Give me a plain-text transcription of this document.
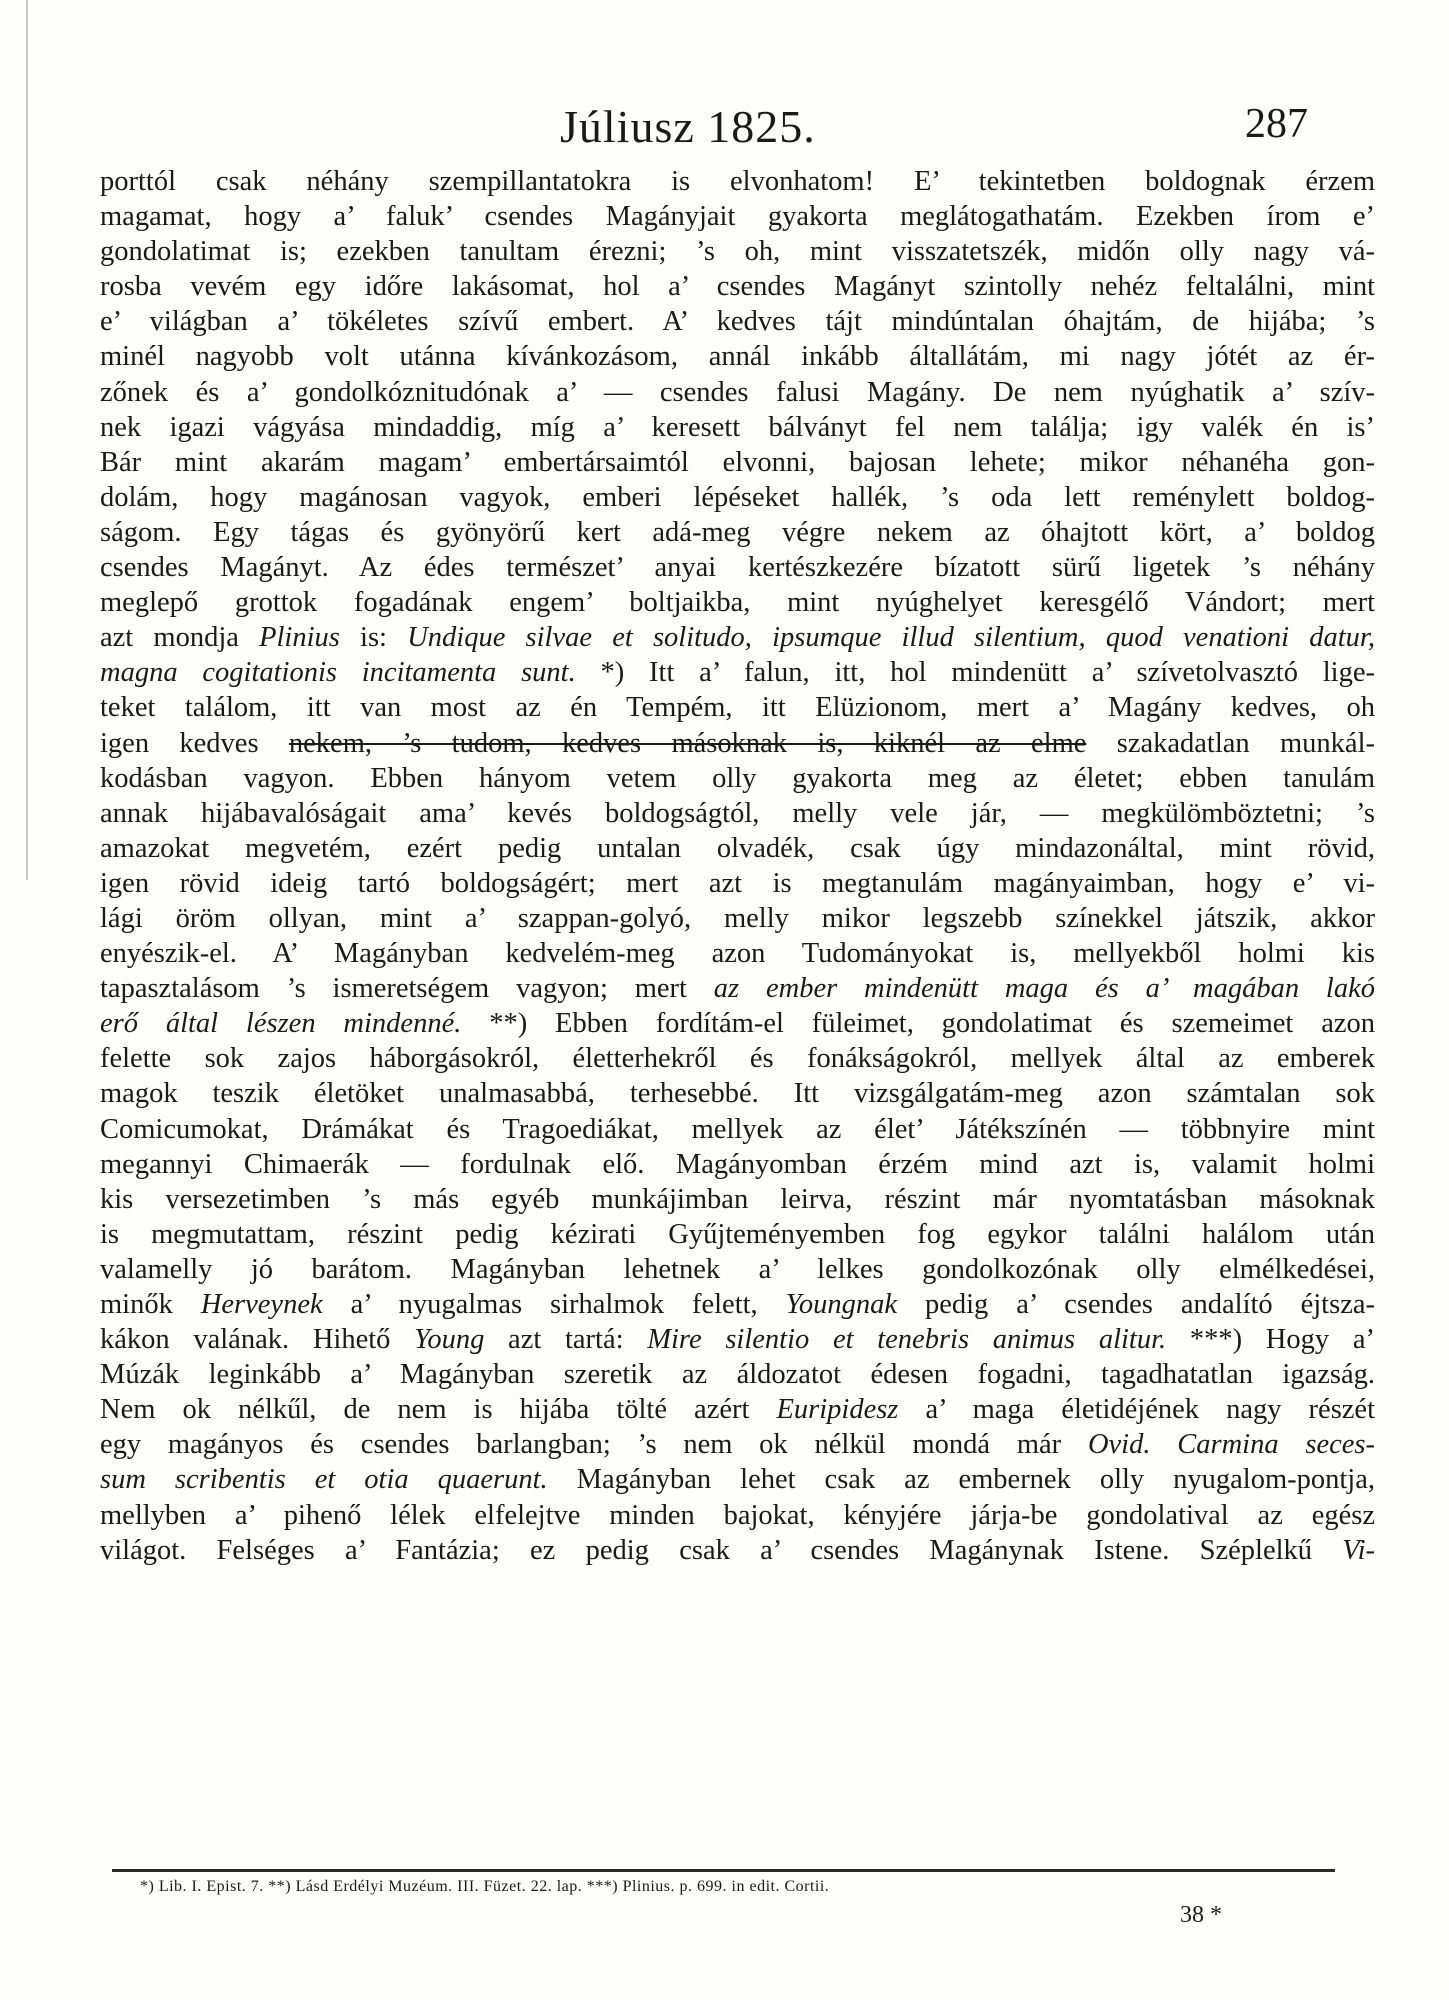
Júliusz 1825.	287
porttól csak néhány szempillantatokra is elvonhatom! E’ tekintetben boldognak érzem
magamat, hogy a’ faluk’ csendes Magányjait gyakorta meglátogathatám. Ezekben írom e’
gondolatimat is; ezekben tanultam érezni; ’s oh, mint visszatetszék, midőn olly nagy vá-
rosba vevém egy időre lakásomat, hol a’ csendes Magányt szintolly nehéz feltalálni, mint
e’ világban a’ tökéletes szívű embert. A’ kedves tájt mindúntalan óhajtám, de hijába; ’s
minél nagyobb volt utánna kívánkozásom, annál inkább általlátám, mi nagy jótét az ér-
zőnek és a’ gondolkóznitudónak a’ — csendes falusi Magány. De nem nyúghatik a’ szív-
nek igazi vágyása mindaddig, míg a’ keresett bálványt fel nem találja; igy valék én is’
Bár mint akarám magam’ embertársaimtól elvonni, bajosan lehete; mikor néhanéha gon-
dolám, hogy magánosan vagyok, emberi lépéseket hallék, ’s oda lett reménylett boldog-
ságom. Egy tágas és gyönyörű kert adá-meg végre nekem az óhajtott kört, a’ boldog
csendes Magányt. Az édes természet’ anyai kertészkezére bízatott sürű ligetek ’s néhány
meglepő grottok fogadának engem’ boltjaikba, mint nyúghelyet keresgélő Vándort; mert
azt mondja Plinius is: Undique silvae et solitudo, ipsumque illud silentium, quod venationi datur,
magna cogitationis incitamenta sunt. *) Itt a’ falun, itt, hol mindenütt a’ szívetolvasztó lige-
teket találom, itt van most az én Tempém, itt Elüzionom, mert a’ Magány kedves, oh
igen kedves nekem, ’s tudom, kedves másoknak is, kiknél az elme szakadatlan munkál-
kodásban vagyon. Ebben hányom vetem olly gyakorta meg az életet; ebben tanulám
annak hijábavalóságait ama’ kevés boldogságtól, melly vele jár, — megkülömböztetni; ’s
amazokat megvetém, ezért pedig untalan olvadék, csak úgy mindazonáltal, mint rövid,
igen rövid ideig tartó boldogságért; mert azt is megtanulám magányaimban, hogy e’ vi-
lági öröm ollyan, mint a’ szappan-golyó, melly mikor legszebb színekkel játszik, akkor
enyészik-el. A’ Magányban kedvelém-meg azon Tudományokat is, mellyekből holmi kis
tapasztalásom ’s ismeretségem vagyon; mert az ember mindenütt maga és a’ magában lakó
erő által lészen mindenné. **) Ebben fordítám-el füleimet, gondolatimat és szemeimet azon
felette sok zajos háborgásokról, életterhekről és fonákságokról, mellyek által az emberek
magok teszik életöket unalmasabbá, terhesebbé. Itt vizsgálgatám-meg azon számtalan sok
Comicumokat, Drámákat és Tragoediákat, mellyek az élet’ Játékszínén — többnyire mint
megannyi Chimaerák — fordulnak elő. Magányomban érzém mind azt is, valamit holmi
kis versezetimben ’s más egyéb munkájimban leirva, részint már nyomtatásban másoknak
is megmutattam, részint pedig kézirati Gyűjteményemben fog egykor találni halálom után
valamelly jó barátom. Magányban lehetnek a’ lelkes gondolkozónak olly elmélkedései,
minők Herveynek a’ nyugalmas sirhalmok felett, Youngnak pedig a’ csendes andalító éjtsza-
kákon valának. Hihető Young azt tartá: Mire silentio et tenebris animus alitur. ***) Hogy a’
Múzák leginkább a’ Magányban szeretik az áldozatot édesen fogadni, tagadhatatlan igazság.
Nem ok nélkűl, de nem is hijába tölté azért Euripidesz a’ maga életidéjének nagy részét
egy magányos és csendes barlangban; ’s nem ok nélkül mondá már Ovid. Carmina seces-
sum scribentis et otia quaerunt. Magányban lehet csak az embernek olly nyugalom-pontja,
mellyben a’ pihenő lélek elfelejtve minden bajokat, kényjére járja-be gondolatival az egész
világot. Felséges a’ Fantázia; ez pedig csak a’ csendes Magánynak Istene. Széplelkű Vi-
*) Lib. I. Epist. 7. **) Lásd Erdélyi Muzéum. III. Füzet. 22. lap. ***) Plinius. p. 699. in edit. Cortii.
38 *
